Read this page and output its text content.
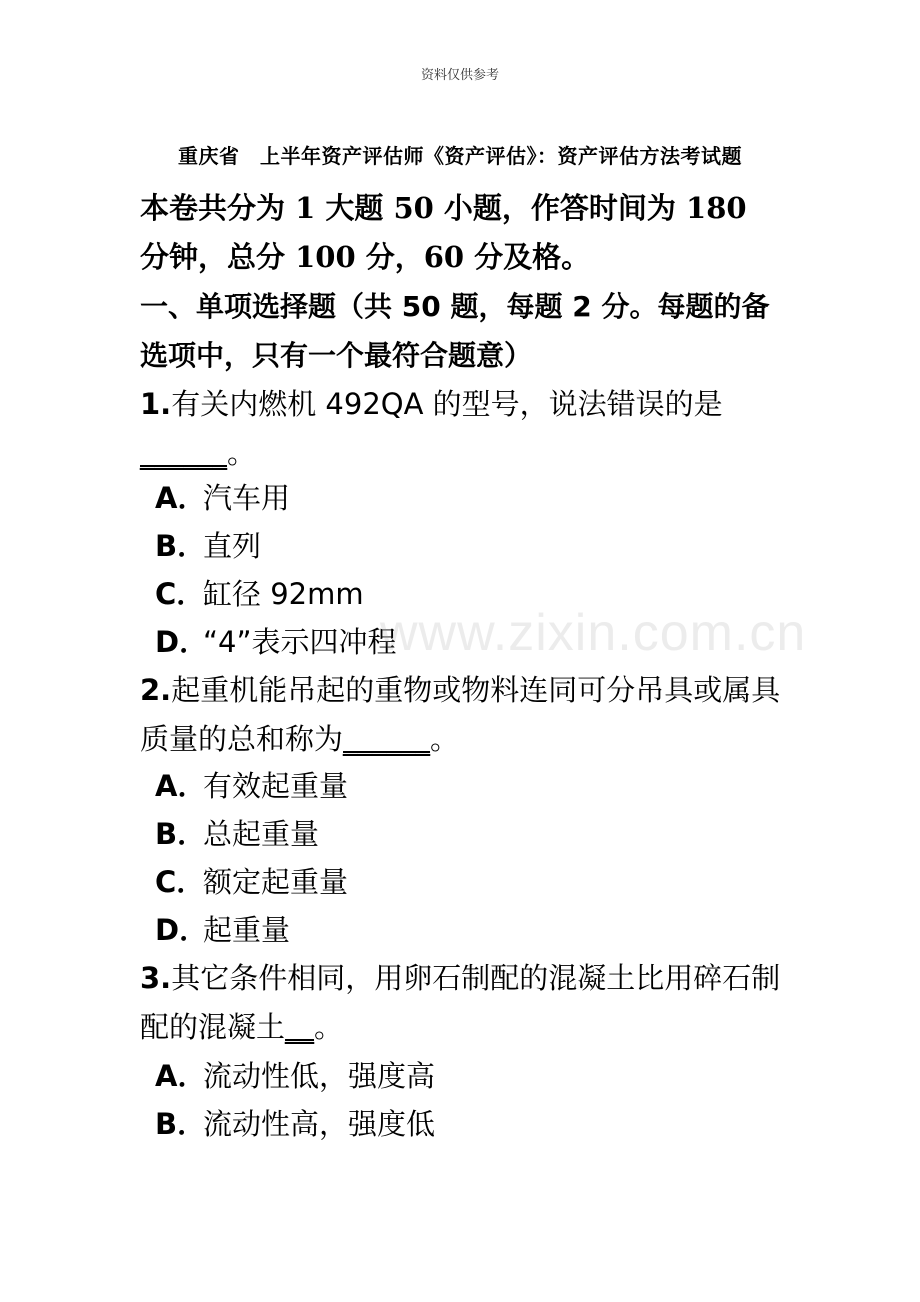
资料仅供参考
重庆省　上半年资产评估师《资产评估》：资产评估方法考试题
本卷共分为 1 大题 50 小题，作答时间为 180 分钟，总分 100 分，60 分及格。
一、单项选择题（共 50 题，每题 2 分。每题的备选项中，只有一个最符合题意）
1.有关内燃机 492QA 的型号，说法错误的是______。
A．汽车用
B．直列
C．缸径 92mm
D．“4”表示四冲程
2.起重机能吊起的重物或物料连同可分吊具或属具质量的总和称为______。
A．有效起重量
B．总起重量
C．额定起重量
D．起重量
3.其它条件相同，用卵石制配的混凝土比用碎石制配的混凝土__。
A．流动性低，强度高
B．流动性高，强度低
www.zixin.com.cn
